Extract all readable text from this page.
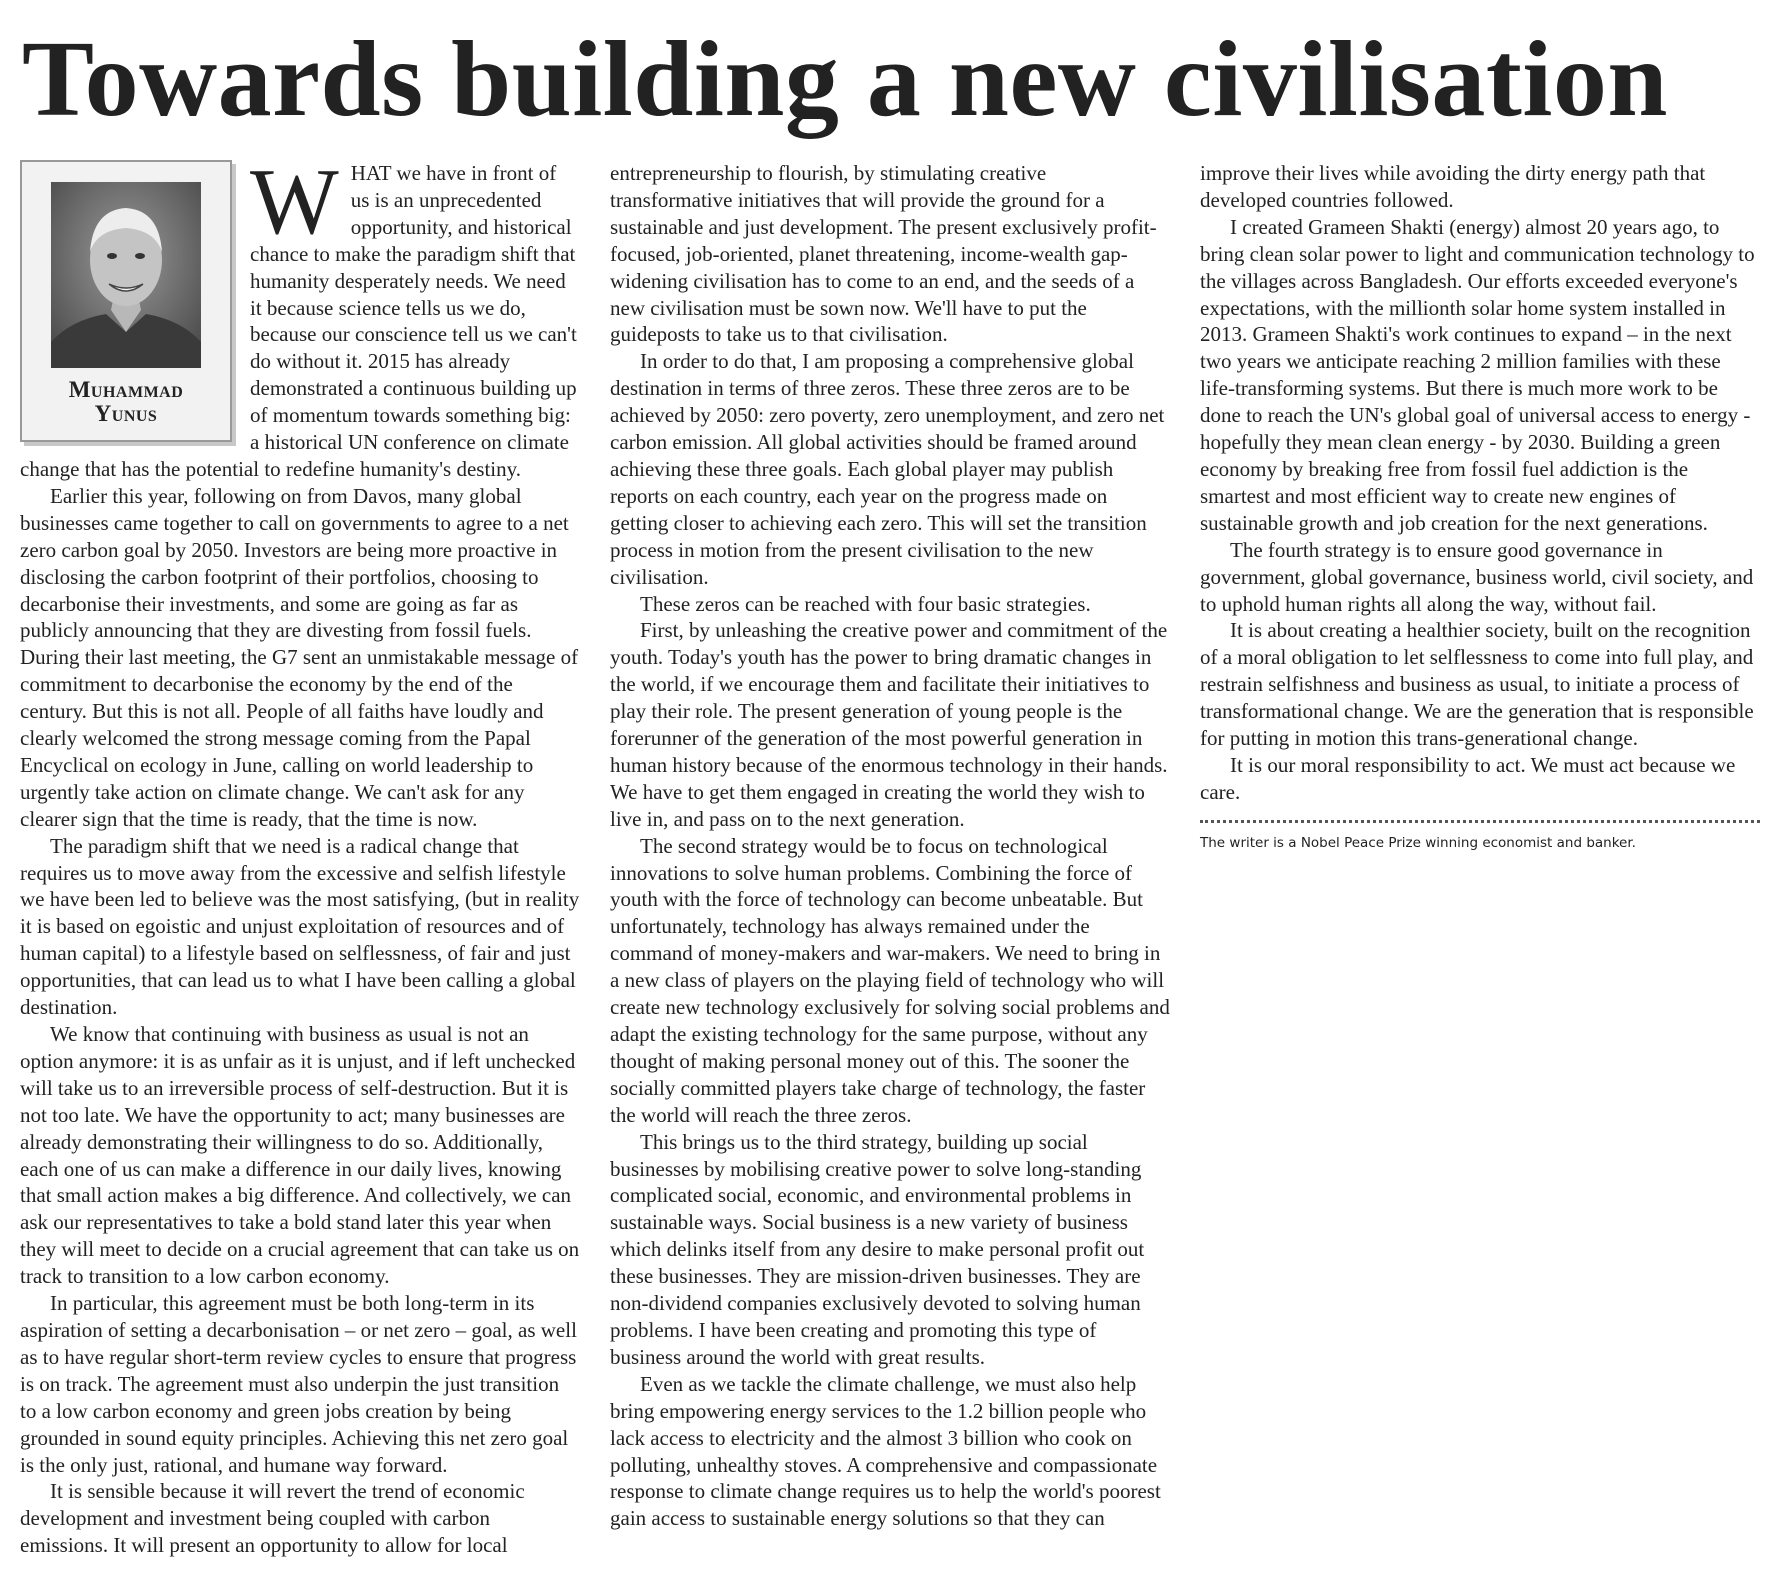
Towards building a new civilisation
Muhammad
Yunus

WHAT we have in front of us is an unprecedented opportunity, and historical chance to make the paradigm shift that humanity desperately needs. We need it because science tells us we do, because our conscience tell us we can't do without it. 2015 has already demonstrated a continuous building up of momentum towards something big: a historical UN conference on climate change that has the potential to redefine humanity's destiny.

Earlier this year, following on from Davos, many global businesses came together to call on governments to agree to a net zero carbon goal by 2050. Investors are being more proactive in disclosing the carbon footprint of their portfolios, choosing to decarbonise their investments, and some are going as far as publicly announcing that they are divesting from fossil fuels. During their last meeting, the G7 sent an unmistakable message of commitment to decarbonise the economy by the end of the century. But this is not all. People of all faiths have loudly and clearly welcomed the strong message coming from the Papal Encyclical on ecology in June, calling on world leadership to urgently take action on climate change. We can't ask for any clearer sign that the time is ready, that the time is now.

The paradigm shift that we need is a radical change that requires us to move away from the excessive and selfish lifestyle we have been led to believe was the most satisfying, (but in reality it is based on egoistic and unjust exploitation of resources and of human capital) to a lifestyle based on selflessness, of fair and just opportunities, that can lead us to what I have been calling a global destination.

We know that continuing with business as usual is not an option anymore: it is as unfair as it is unjust, and if left unchecked will take us to an irreversible process of self-destruction. But it is not too late. We have the opportunity to act; many businesses are already demonstrating their willingness to do so. Additionally, each one of us can make a difference in our daily lives, knowing that small action makes a big difference. And collectively, we can ask our representatives to take a bold stand later this year when they will meet to decide on a crucial agreement that can take us on track to transition to a low carbon economy.

In particular, this agreement must be both long-term in its aspiration of setting a decarbonisation – or net zero – goal, as well as to have regular short-term review cycles to ensure that progress is on track. The agreement must also underpin the just transition to a low carbon economy and green jobs creation by being grounded in sound equity principles. Achieving this net zero goal is the only just, rational, and humane way forward.

It is sensible because it will revert the trend of economic development and investment being coupled with carbon emissions. It will present an opportunity to allow for local entrepreneurship to flourish, by stimulating creative transformative initiatives that will provide the ground for a sustainable and just development. The present exclusively profit-focused, job-oriented, planet threatening, income-wealth gap-widening civilisation has to come to an end, and the seeds of a new civilisation must be sown now. We'll have to put the guideposts to take us to that civilisation.

In order to do that, I am proposing a comprehensive global destination in terms of three zeros. These three zeros are to be achieved by 2050: zero poverty, zero unemployment, and zero net carbon emission. All global activities should be framed around achieving these three goals. Each global player may publish reports on each country, each year on the progress made on getting closer to achieving each zero. This will set the transition process in motion from the present civilisation to the new civilisation.

These zeros can be reached with four basic strategies.

First, by unleashing the creative power and commitment of the youth. Today's youth has the power to bring dramatic changes in the world, if we encourage them and facilitate their initiatives to play their role. The present generation of young people is the forerunner of the generation of the most powerful generation in human history because of the enormous technology in their hands. We have to get them engaged in creating the world they wish to live in, and pass on to the next generation.

The second strategy would be to focus on technological innovations to solve human problems. Combining the force of youth with the force of technology can become unbeatable. But unfortunately, technology has always remained under the command of money-makers and war-makers. We need to bring in a new class of players on the playing field of technology who will create new technology exclusively for solving social problems and adapt the existing technology for the same purpose, without any thought of making personal money out of this. The sooner the socially committed players take charge of technology, the faster the world will reach the three zeros.

This brings us to the third strategy, building up social businesses by mobilising creative power to solve long-standing complicated social, economic, and environmental problems in sustainable ways. Social business is a new variety of business which delinks itself from any desire to make personal profit out these businesses. They are mission-driven businesses. They are non-dividend companies exclusively devoted to solving human problems. I have been creating and promoting this type of business around the world with great results.

Even as we tackle the climate challenge, we must also help bring empowering energy services to the 1.2 billion people who lack access to electricity and the almost 3 billion who cook on polluting, unhealthy stoves. A comprehensive and compassionate response to climate change requires us to help the world's poorest gain access to sustainable energy solutions so that they can improve their lives while avoiding the dirty energy path that developed countries followed.

I created Grameen Shakti (energy) almost 20 years ago, to bring clean solar power to light and communication technology to the villages across Bangladesh. Our efforts exceeded everyone's expectations, with the millionth solar home system installed in 2013. Grameen Shakti's work continues to expand – in the next two years we anticipate reaching 2 million families with these life-transforming systems. But there is much more work to be done to reach the UN's global goal of universal access to energy - hopefully they mean clean energy - by 2030. Building a green economy by breaking free from fossil fuel addiction is the smartest and most efficient way to create new engines of sustainable growth and job creation for the next generations.

The fourth strategy is to ensure good governance in government, global governance, business world, civil society, and to uphold human rights all along the way, without fail.

It is about creating a healthier society, built on the recognition of a moral obligation to let selflessness to come into full play, and restrain selfishness and business as usual, to initiate a process of transformational change. We are the generation that is responsible for putting in motion this trans-generational change.

It is our moral responsibility to act. We must act because we care.

The writer is a Nobel Peace Prize winning economist and banker.
